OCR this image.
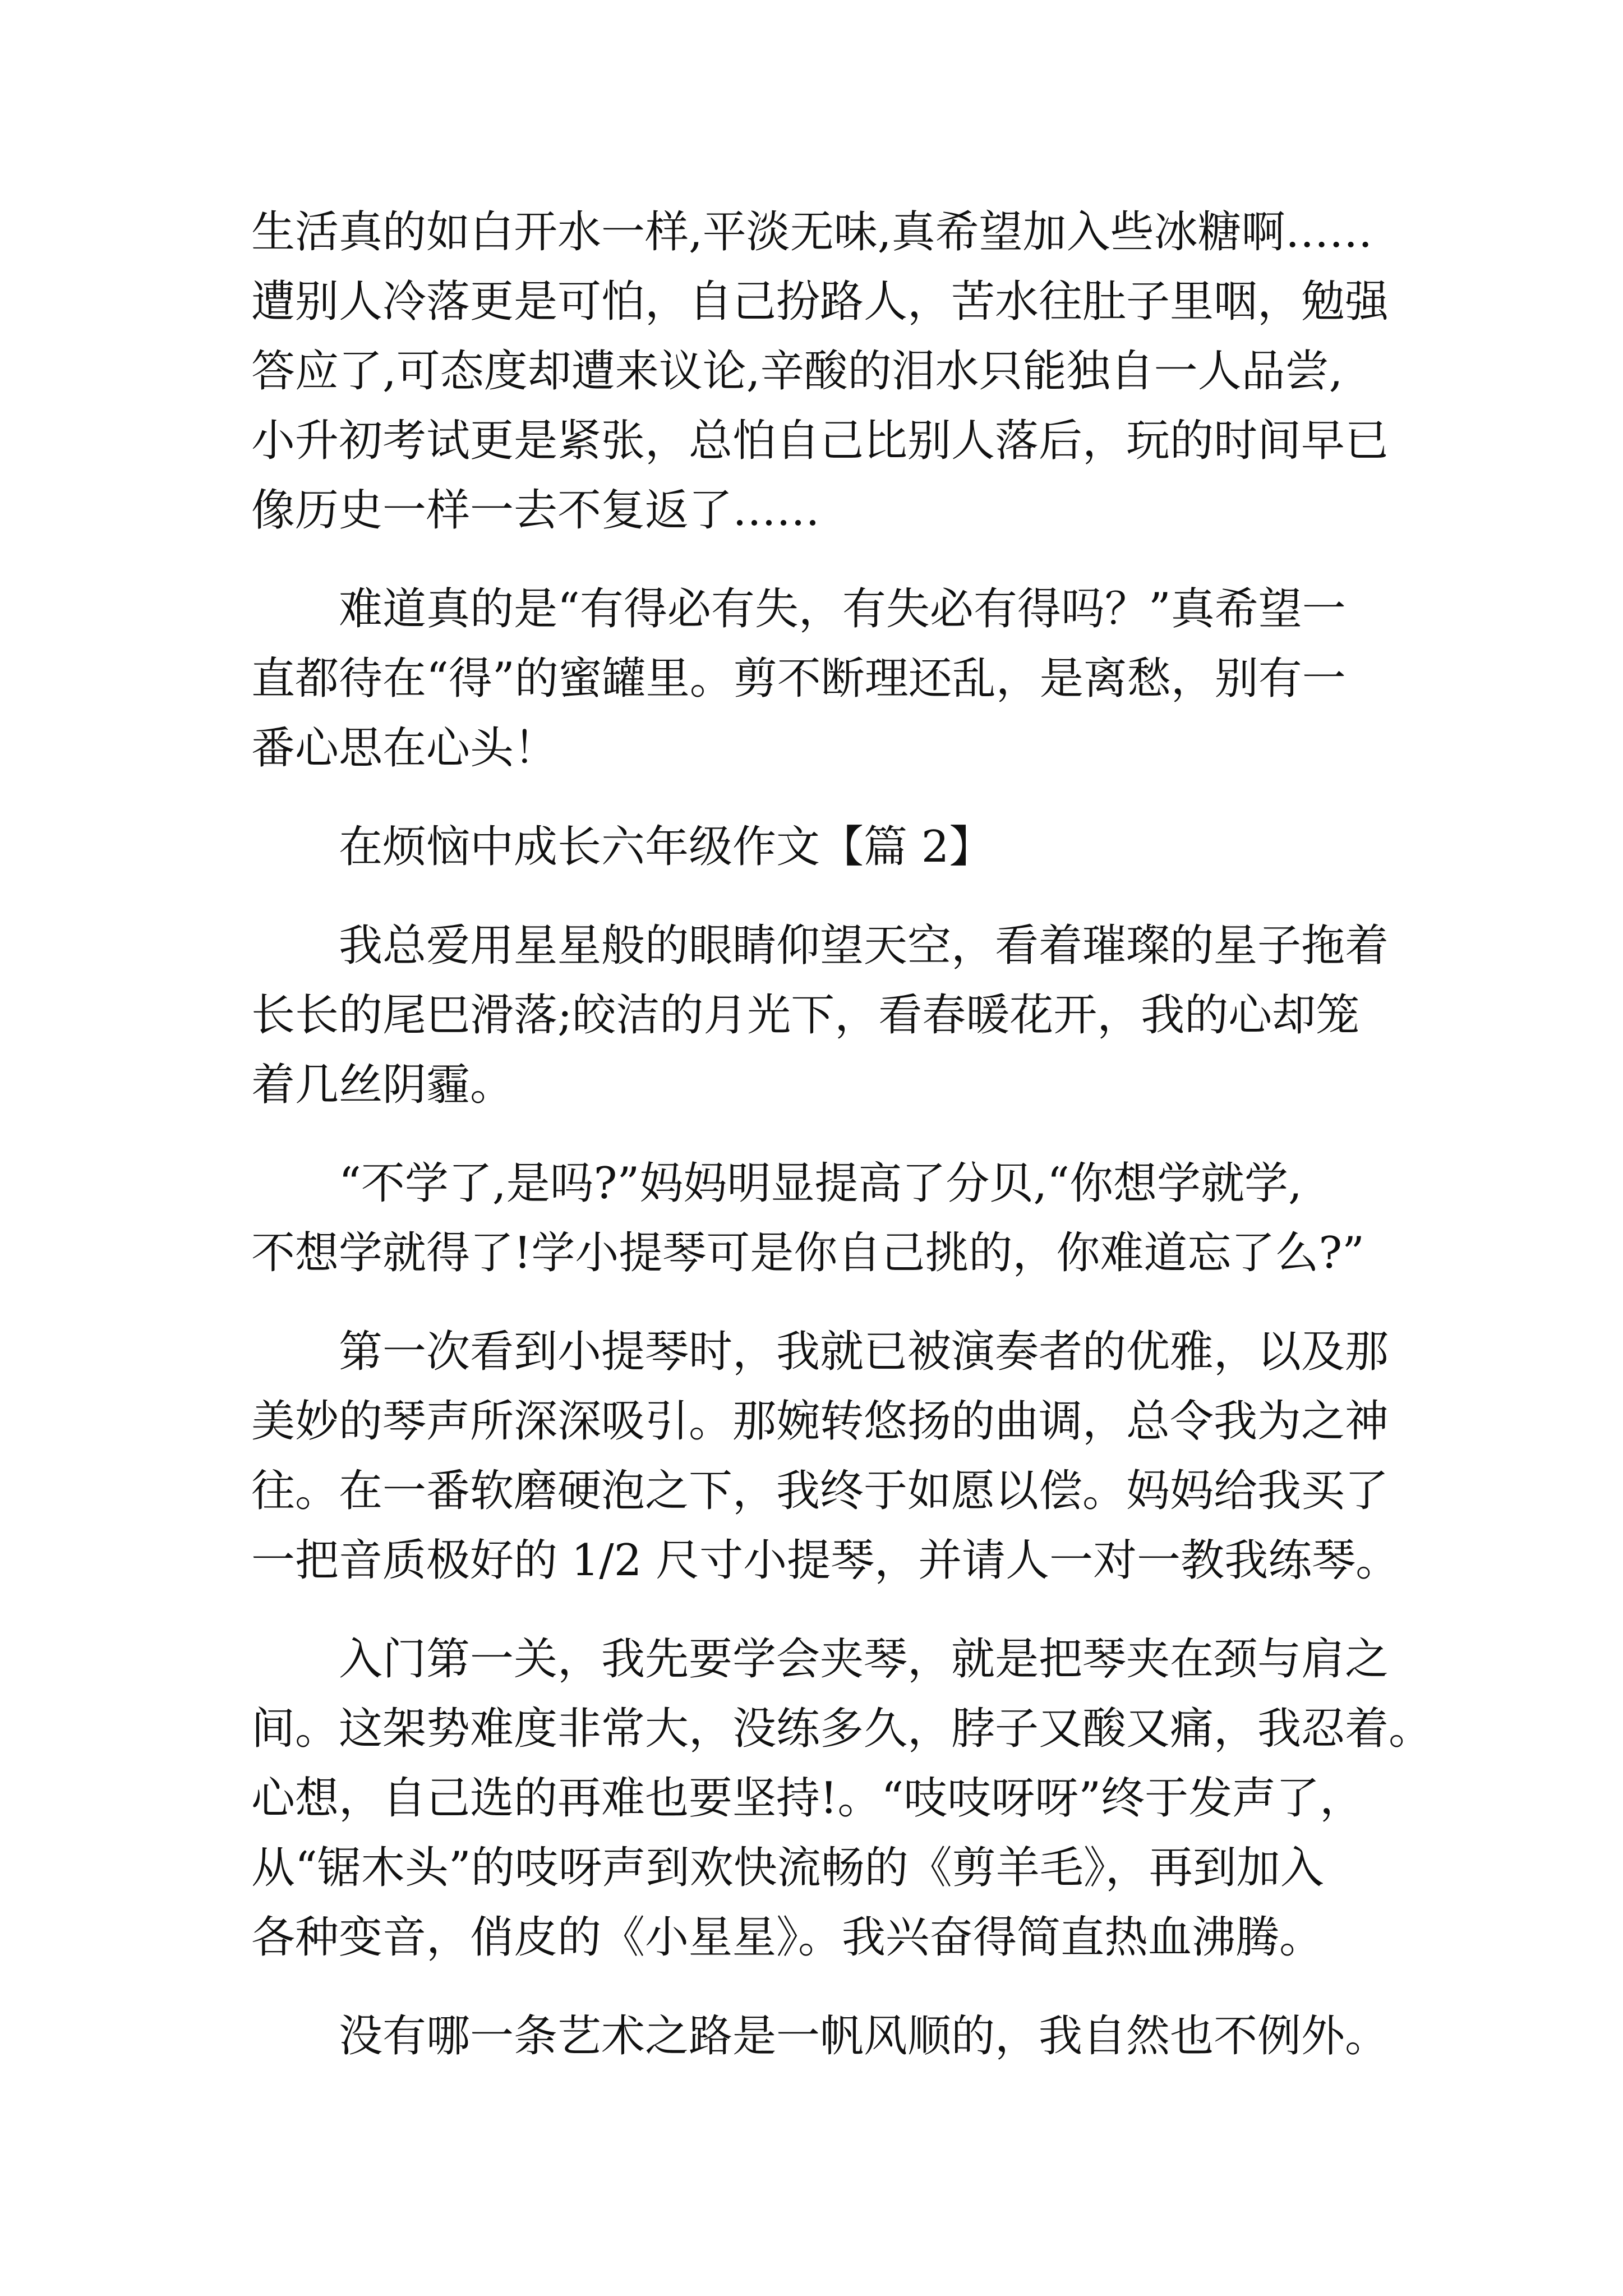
生活真的如白开水一样,平淡无味,真希望加入些冰糖啊……
遭别人冷落更是可怕，自己扮路人，苦水往肚子里咽，勉强
答应了,可态度却遭来议论,辛酸的泪水只能独自一人品尝,
小升初考试更是紧张，总怕自己比别人落后，玩的时间早已
像历史一样一去不复返了……
　　难道真的是“有得必有失，有失必有得吗？”真希望一
直都待在“得”的蜜罐里。剪不断理还乱，是离愁，别有一
番心思在心头！
　　在烦恼中成长六年级作文【篇 2】
　　我总爱用星星般的眼睛仰望天空，看着璀璨的星子拖着
长长的尾巴滑落;皎洁的月光下，看春暖花开，我的心却笼
着几丝阴霾。
　　“不学了,是吗?”妈妈明显提高了分贝,“你想学就学,
不想学就得了!学小提琴可是你自己挑的，你难道忘了么?”
　　第一次看到小提琴时，我就已被演奏者的优雅，以及那
美妙的琴声所深深吸引。那婉转悠扬的曲调，总令我为之神
往。在一番软磨硬泡之下，我终于如愿以偿。妈妈给我买了
一把音质极好的 1/2 尺寸小提琴，并请人一对一教我练琴。
　　入门第一关，我先要学会夹琴，就是把琴夹在颈与肩之
间。这架势难度非常大，没练多久，脖子又酸又痛，我忍着。
心想，自己选的再难也要坚持!。“吱吱呀呀”终于发声了，
从“锯木头”的吱呀声到欢快流畅的《剪羊毛》，再到加入
各种变音，俏皮的《小星星》。我兴奋得简直热血沸腾。
　　没有哪一条艺术之路是一帆风顺的，我自然也不例外。
